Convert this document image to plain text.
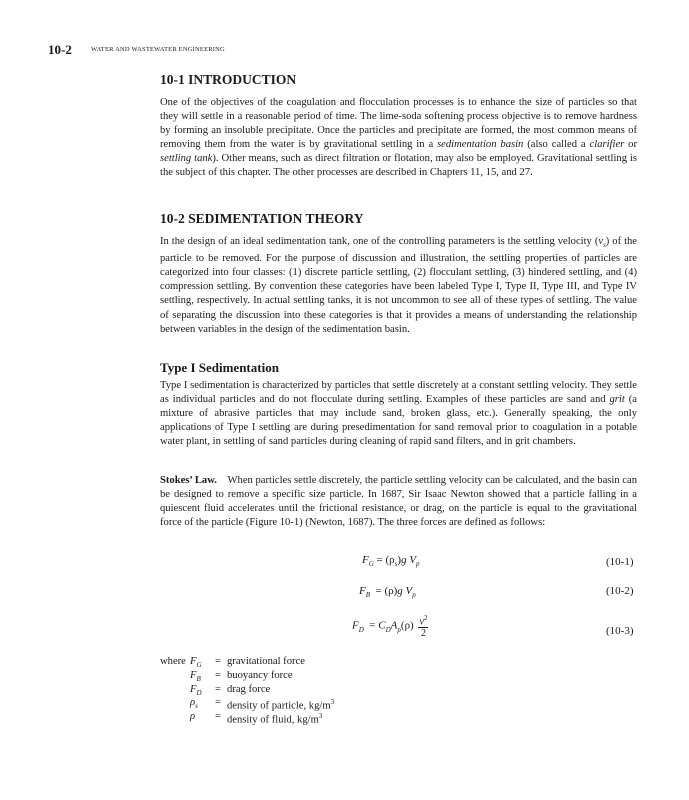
10-2	WATER AND WASTEWATER ENGINEERING
10-1 INTRODUCTION

One of the objectives of the coagulation and flocculation processes is to enhance the size of particles so that they will settle in a reasonable period of time. The lime-soda softening process objective is to remove hardness by forming an insoluble precipitate. Once the particles and precipitate are formed, the most common means of removing them from the water is by gravitational settling in a sedimentation basin (also called a clarifier or settling tank). Other means, such as direct filtration or flotation, may also be employed. Gravitational settling is the subject of this chapter. The other processes are described in Chapters 11, 15, and 27.

10-2 SEDIMENTATION THEORY

In the design of an ideal sedimentation tank, one of the controlling parameters is the settling velocity $(v_s)$ of the particle to be removed. For the purpose of discussion and illustration, the settling properties of particles are categorized into four classes: (1) discrete particle settling, (2) flocculant settling, (3) hindered settling, and (4) compression settling. By convention these categories have been labeled Type I, Type II, Type III, and Type IV settling, respectively. In actual settling tanks, it is not uncommon to see all of these types of settling. The value of separating the discussion into these categories is that it provides a means of understanding the relationship between variables in the design of the sedimentation basin.

Type I Sedimentation

Type I sedimentation is characterized by particles that settle discretely at a constant settling velocity. They settle as individual particles and do not flocculate during settling. Examples of these particles are sand and grit (a mixture of abrasive particles that may include sand, broken glass, etc.). Generally speaking, the only applications of Type I settling are during presedimentation for sand removal prior to coagulation in a potable water plant, in settling of sand particles during cleaning of rapid sand filters, and in grit chambers.

Stokes’ Law. When particles settle discretely, the particle settling velocity can be calculated, and the basin can be designed to remove a specific size particle. In 1687, Sir Isaac Newton showed that a particle falling in a quiescent fluid accelerates until the frictional resistance, or drag, on the particle is equal to the gravitational force of the particle (Figure 10-1) (Newton, 1687). The three forces are defined as follows:

$F_G = (\rho_s)g$ $V_p$	(10-1)
$F_B = (\rho)g$ $V_p$	(10-2)
$F_D = C_DA_p(\rho) \frac{v^2}{2}$	(10-3)
where $F_G$ = gravitational force
$F_B$ = buoyancy force
$F_D$ = drag force
$\rho_s$ = density of particle, $kg/m^3$
ρ = density of fluid, $kg/m^3$
